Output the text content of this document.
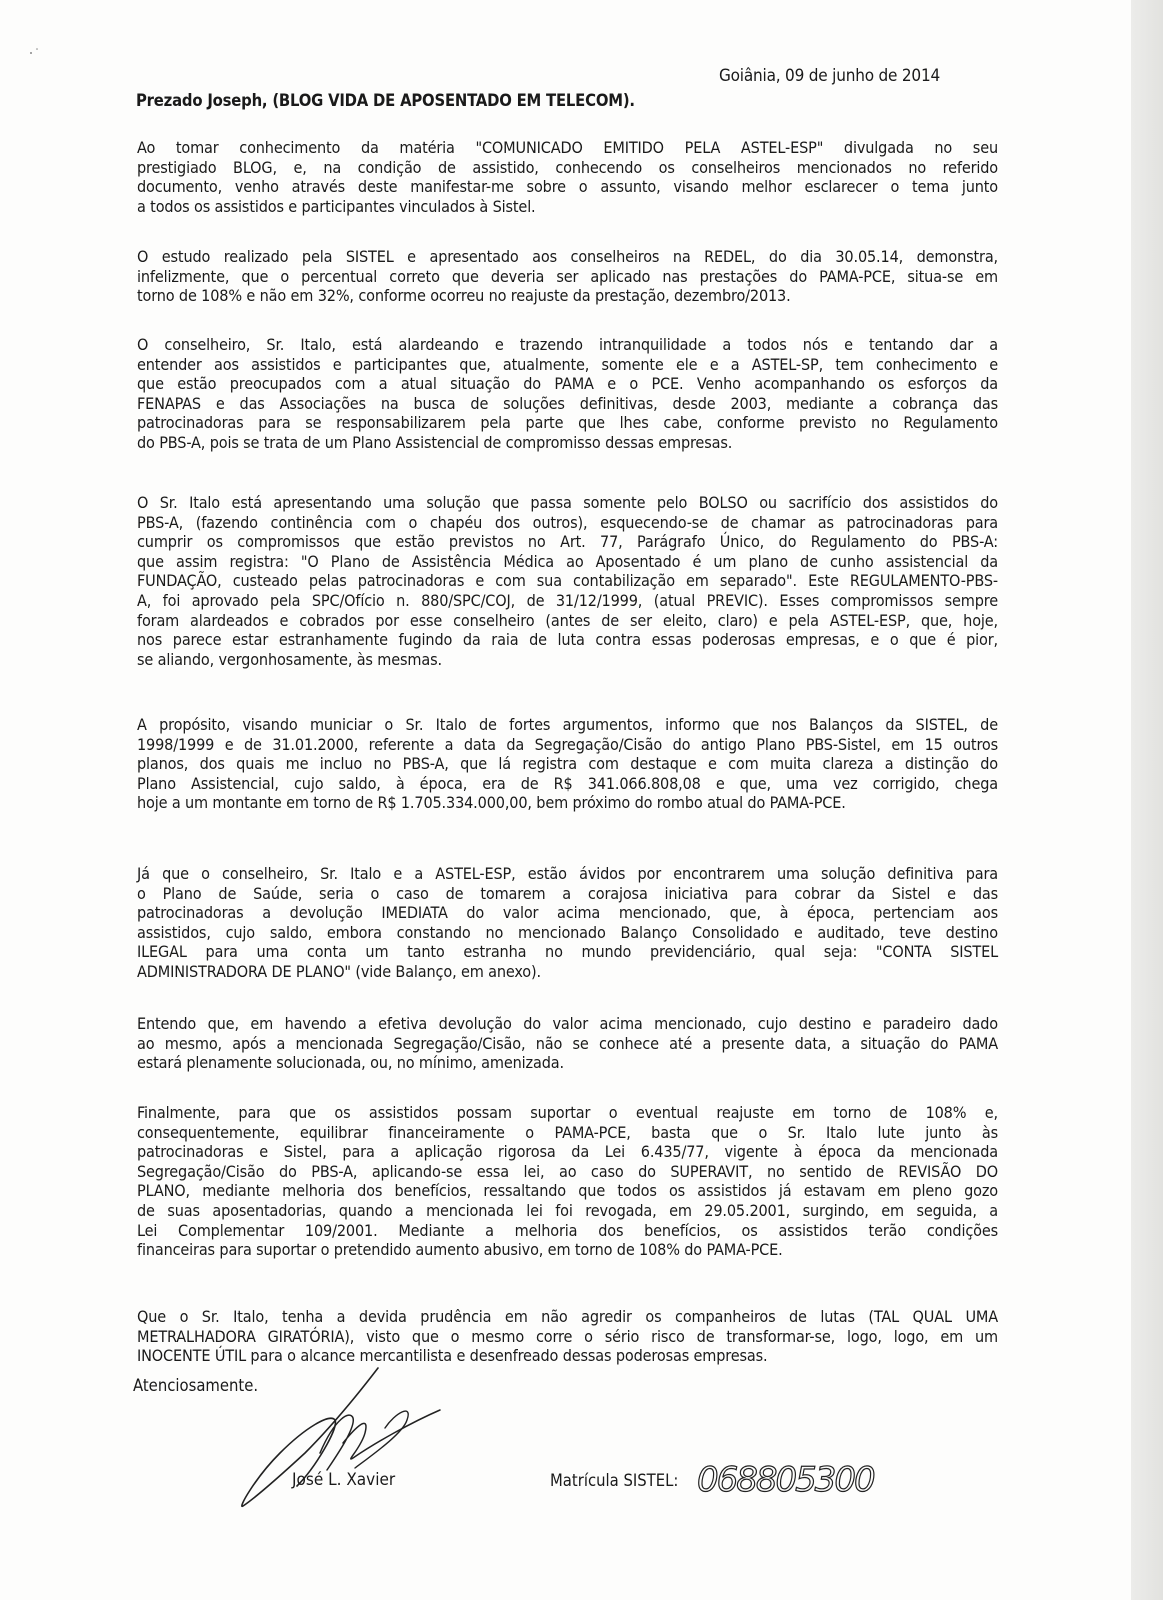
Goiânia, 09 de junho de 2014
Prezado Joseph, (BLOG VIDA DE APOSENTADO EM TELECOM).
Ao tomar conhecimento da matéria "COMUNICADO EMITIDO PELA ASTEL-ESP" divulgada no seu
prestigiado BLOG, e, na condição de assistido, conhecendo os conselheiros mencionados no referido
documento, venho através deste manifestar-me sobre o assunto, visando melhor esclarecer o tema junto
a todos os assistidos e participantes vinculados à Sistel.
O estudo realizado pela SISTEL e apresentado aos conselheiros na REDEL, do dia 30.05.14, demonstra,
infelizmente, que o percentual correto que deveria ser aplicado nas prestações do PAMA-PCE, situa-se em
torno de 108% e não em 32%, conforme ocorreu no reajuste da prestação, dezembro/2013.
O conselheiro, Sr. Italo, está alardeando e trazendo intranquilidade a todos nós e tentando dar a
entender aos assistidos e participantes que, atualmente, somente ele e a ASTEL-SP, tem conhecimento e
que estão preocupados com a atual situação do PAMA e o PCE. Venho acompanhando os esforços da
FENAPAS e das Associações na busca de soluções definitivas, desde 2003, mediante a cobrança das
patrocinadoras para se responsabilizarem pela parte que lhes cabe, conforme previsto no Regulamento
do PBS-A, pois se trata de um Plano Assistencial de compromisso dessas empresas.
O Sr. Italo está apresentando uma solução que passa somente pelo BOLSO ou sacrifício dos assistidos do
PBS-A, (fazendo continência com o chapéu dos outros), esquecendo-se de chamar as patrocinadoras para
cumprir os compromissos que estão previstos no Art. 77, Parágrafo Único, do Regulamento do PBS-A:
que assim registra: "O Plano de Assistência Médica ao Aposentado é um plano de cunho assistencial da
FUNDAÇÃO, custeado pelas patrocinadoras e com sua contabilização em separado". Este REGULAMENTO-PBS-
A, foi aprovado pela SPC/Ofício n. 880/SPC/COJ, de 31/12/1999, (atual PREVIC). Esses compromissos sempre
foram alardeados e cobrados por esse conselheiro (antes de ser eleito, claro) e pela ASTEL-ESP, que, hoje,
nos parece estar estranhamente fugindo da raia de luta contra essas poderosas empresas, e o que é pior,
se aliando, vergonhosamente, às mesmas.
A propósito, visando municiar o Sr. Italo de fortes argumentos, informo que nos Balanços da SISTEL, de
1998/1999 e de 31.01.2000, referente a data da Segregação/Cisão do antigo Plano PBS-Sistel, em 15 outros
planos, dos quais me incluo no PBS-A, que lá registra com destaque e com muita clareza a distinção do
Plano Assistencial, cujo saldo, à época, era de R$ 341.066.808,08 e que, uma vez corrigido, chega
hoje a um montante em torno de R$ 1.705.334.000,00, bem próximo do rombo atual do PAMA-PCE.
Já que o conselheiro, Sr. Italo e a ASTEL-ESP, estão ávidos por encontrarem uma solução definitiva para
o Plano de Saúde, seria o caso de tomarem a corajosa iniciativa para cobrar da Sistel e das
patrocinadoras a devolução IMEDIATA do valor acima mencionado, que, à época, pertenciam aos
assistidos, cujo saldo, embora constando no mencionado Balanço Consolidado e auditado, teve destino
ILEGAL para uma conta um tanto estranha no mundo previdenciário, qual seja: "CONTA SISTEL
ADMINISTRADORA DE PLANO" (vide Balanço, em anexo).
Entendo que, em havendo a efetiva devolução do valor acima mencionado, cujo destino e paradeiro dado
ao mesmo, após a mencionada Segregação/Cisão, não se conhece até a presente data, a situação do PAMA
estará plenamente solucionada, ou, no mínimo, amenizada.
Finalmente, para que os assistidos possam suportar o eventual reajuste em torno de 108% e,
consequentemente, equilibrar financeiramente o PAMA-PCE, basta que o Sr. Italo lute junto às
patrocinadoras e Sistel, para a aplicação rigorosa da Lei 6.435/77, vigente à época da mencionada
Segregação/Cisão do PBS-A, aplicando-se essa lei, ao caso do SUPERAVIT, no sentido de REVISÃO DO
PLANO, mediante melhoria dos benefícios, ressaltando que todos os assistidos já estavam em pleno gozo
de suas aposentadorias, quando a mencionada lei foi revogada, em 29.05.2001, surgindo, em seguida, a
Lei Complementar 109/2001. Mediante a melhoria dos benefícios, os assistidos terão condições
financeiras para suportar o pretendido aumento abusivo, em torno de 108% do PAMA-PCE.
Que o Sr. Italo, tenha a devida prudência em não agredir os companheiros de lutas (TAL QUAL UMA
METRALHADORA GIRATÓRIA), visto que o mesmo corre o sério risco de transformar-se, logo, logo, em um
INOCENTE ÚTIL para o alcance mercantilista e desenfreado dessas poderosas empresas.
Atenciosamente.
José L. Xavier	Matrícula SISTEL: 068805300
